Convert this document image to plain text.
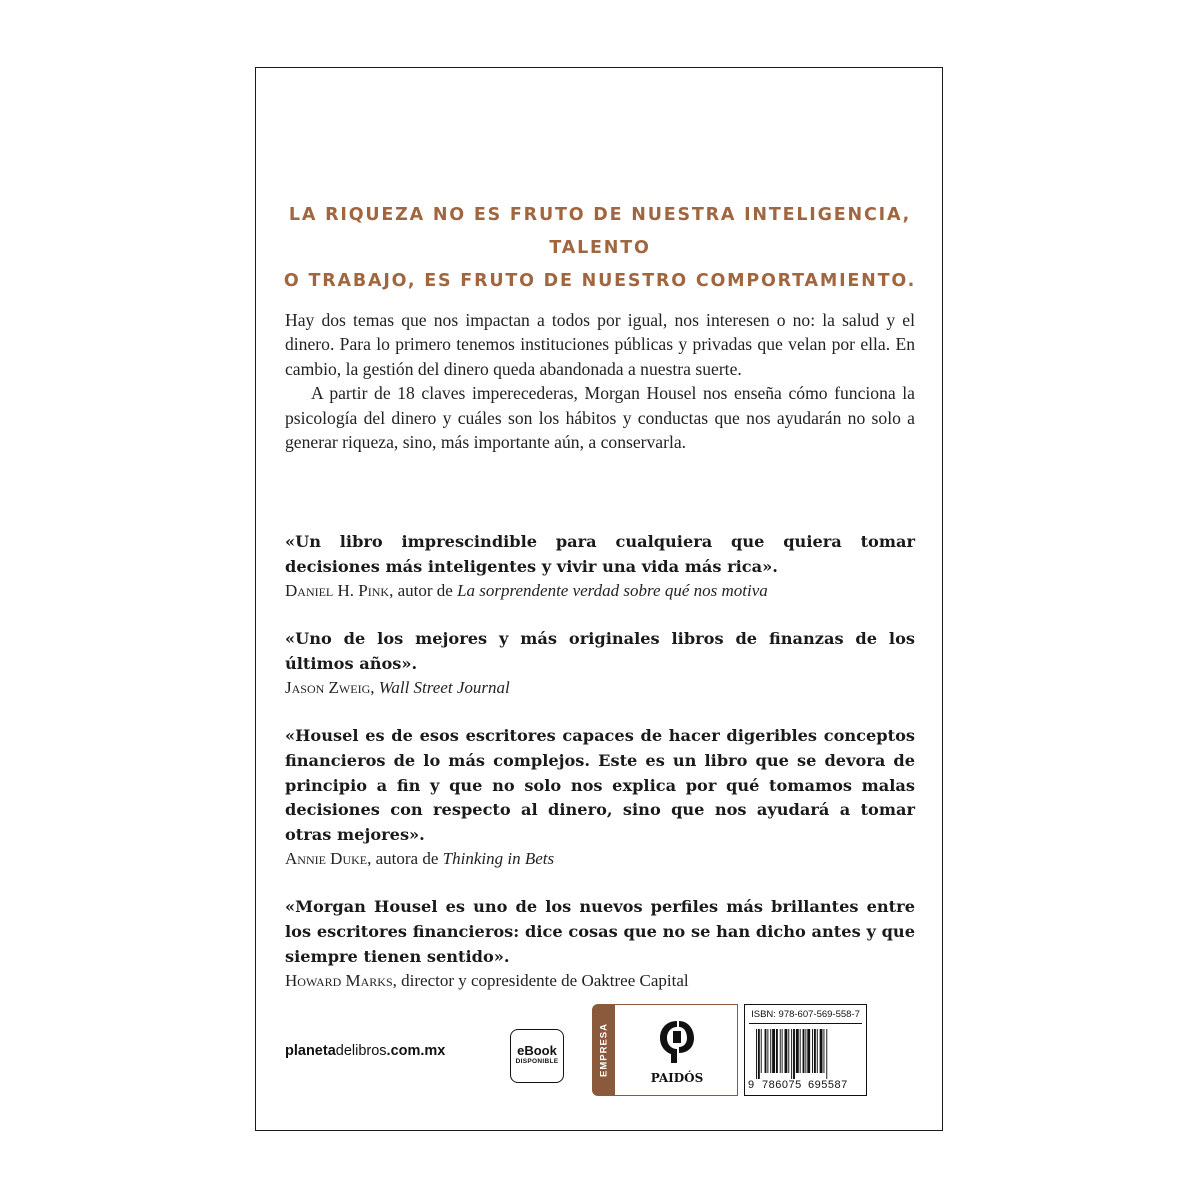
LA RIQUEZA NO ES FRUTO DE NUESTRA INTELIGENCIA, TALENTO
O TRABAJO, ES FRUTO DE NUESTRO COMPORTAMIENTO.

Hay dos temas que nos impactan a todos por igual, nos interesen o no: la salud y el dinero. Para lo primero tenemos instituciones públicas y privadas que velan por ella. En cambio, la gestión del dinero queda abandonada a nuestra suerte.

A partir de 18 claves imperecederas, Morgan Housel nos enseña cómo funciona la psicología del dinero y cuáles son los hábitos y conductas que nos ayudarán no solo a generar riqueza, sino, más importante aún, a conservarla.

«Un libro imprescindible para cualquiera que quiera tomar decisiones más inteligentes y vivir una vida más rica».
Daniel H. Pink, autor de La sorprendente verdad sobre qué nos motiva
«Uno de los mejores y más originales libros de finanzas de los últimos años».
Jason Zweig, Wall Street Journal
«Housel es de esos escritores capaces de hacer digeribles conceptos financieros de lo más complejos. Este es un libro que se devora de principio a fin y que no solo nos explica por qué tomamos malas decisiones con respecto al dinero, sino que nos ayudará a tomar otras mejores».
Annie Duke, autora de Thinking in Bets
«Morgan Housel es uno de los nuevos perfiles más brillantes entre los escritores financieros: dice cosas que no se han dicho antes y que siempre tienen sentido».
Howard Marks, director y copresidente de Oaktree Capital
planetadelibros.com.mx	eBook
DISPONIBLE	EMPRESA
PAIDÓS
ISBN: 978-607-569-558-7
9 786075 695587
